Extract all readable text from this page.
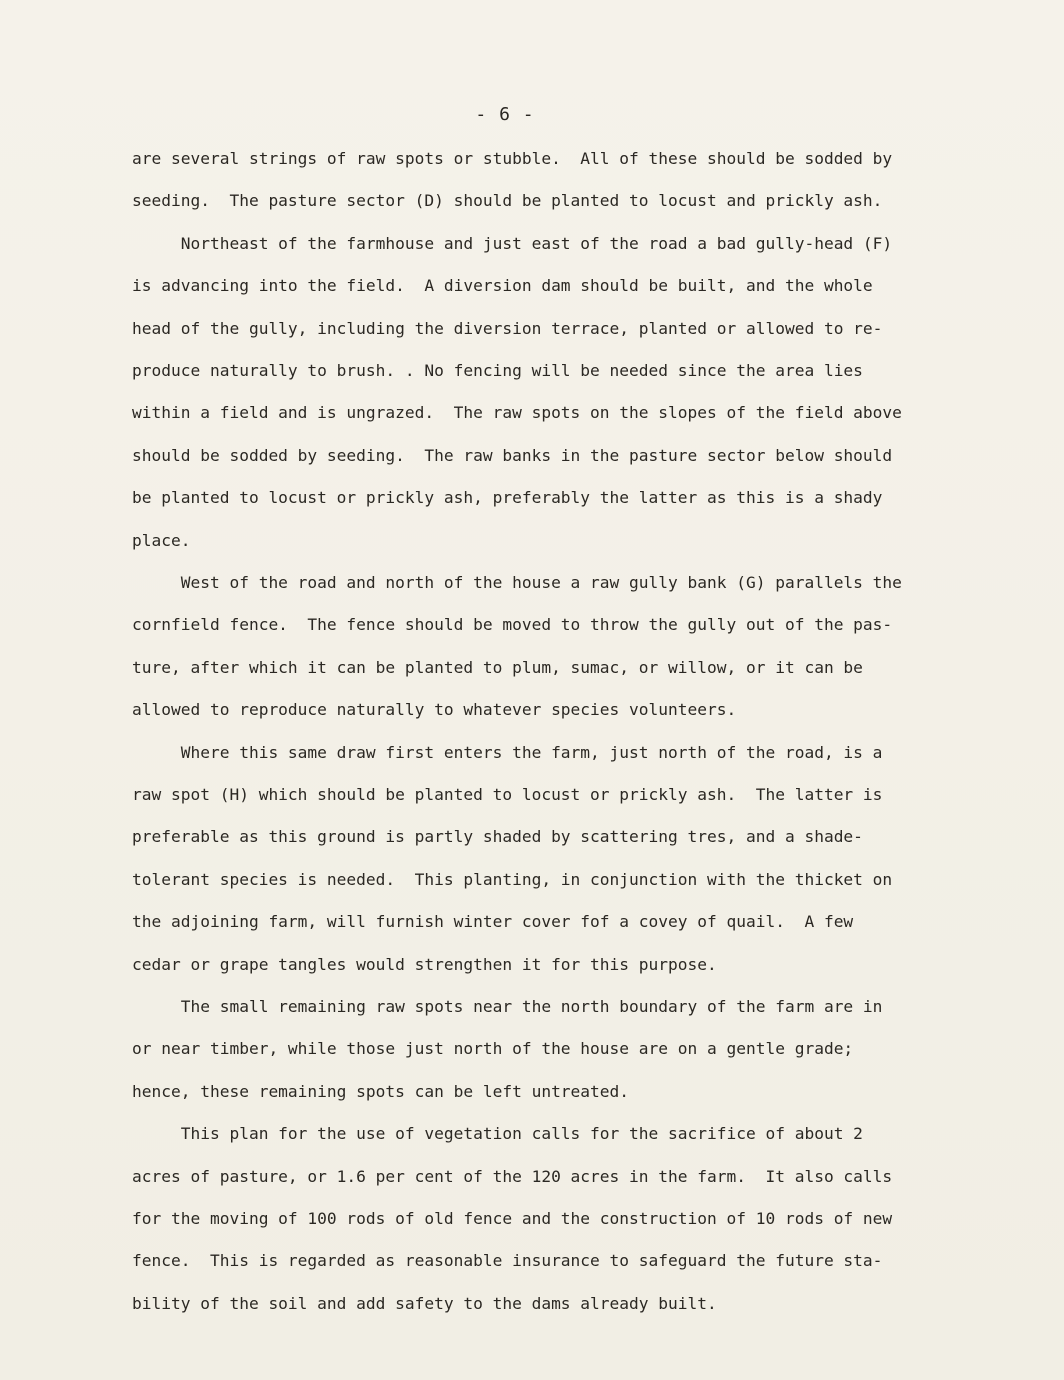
- 6 -
are several strings of raw spots or stubble.  All of these should be sodded by
seeding.  The pasture sector (D) should be planted to locust and prickly ash.
Northeast of the farmhouse and just east of the road a bad gully-head (F)
is advancing into the field.  A diversion dam should be built, and the whole
head of the gully, including the diversion terrace, planted or allowed to re-
produce naturally to brush. . No fencing will be needed since the area lies
within a field and is ungrazed.  The raw spots on the slopes of the field above
should be sodded by seeding.  The raw banks in the pasture sector below should
be planted to locust or prickly ash, preferably the latter as this is a shady
place.
West of the road and north of the house a raw gully bank (G) parallels the
cornfield fence.  The fence should be moved to throw the gully out of the pas-
ture, after which it can be planted to plum, sumac, or willow, or it can be
allowed to reproduce naturally to whatever species volunteers.
Where this same draw first enters the farm, just north of the road, is a
raw spot (H) which should be planted to locust or prickly ash.  The latter is
preferable as this ground is partly shaded by scattering tres, and a shade-
tolerant species is needed.  This planting, in conjunction with the thicket on
the adjoining farm, will furnish winter cover fof a covey of quail.  A few
cedar or grape tangles would strengthen it for this purpose.
The small remaining raw spots near the north boundary of the farm are in
or near timber, while those just north of the house are on a gentle grade;
hence, these remaining spots can be left untreated.
This plan for the use of vegetation calls for the sacrifice of about 2
acres of pasture, or 1.6 per cent of the 120 acres in the farm.  It also calls
for the moving of 100 rods of old fence and the construction of 10 rods of new
fence.  This is regarded as reasonable insurance to safeguard the future sta-
bility of the soil and add safety to the dams already built.
